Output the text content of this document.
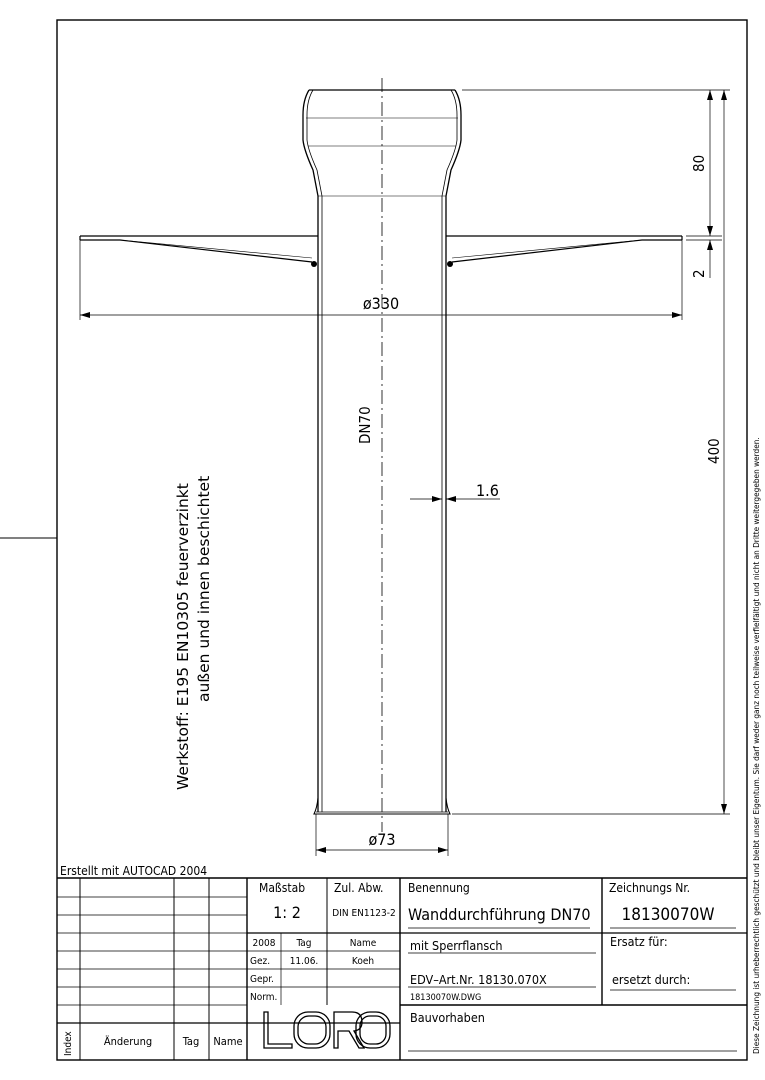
80
2
400
ø330
ø73
1.6
DN70
Werkstoff: E195 EN10305 feuerverzinkt außen und innen beschichtet	Diese Zeichnung ist urheberrechtlich geschützt und bleibt unser Eigentum. Sie darf weder ganz noch teilweise verfielfältigt und nicht an Dritte weitergegeben werden.
Erstellt mit AUTOCAD 2004
Maßstab
1: 2
Zul. Abw.
DIN EN1123-2
Benennung
Wanddurchführung DN70
Zeichnungs Nr.
18130070W
2008 Tag	Name
Gez. 11.06.	Koeh
Gepr.
Norm.
mit Sperrflansch
EDV–Art.Nr. 18130.070X
18130070W.DWG
Ersatz für:
ersetzt durch:
Bauvorhaben
LORO
Index	Änderung	Tag Name
